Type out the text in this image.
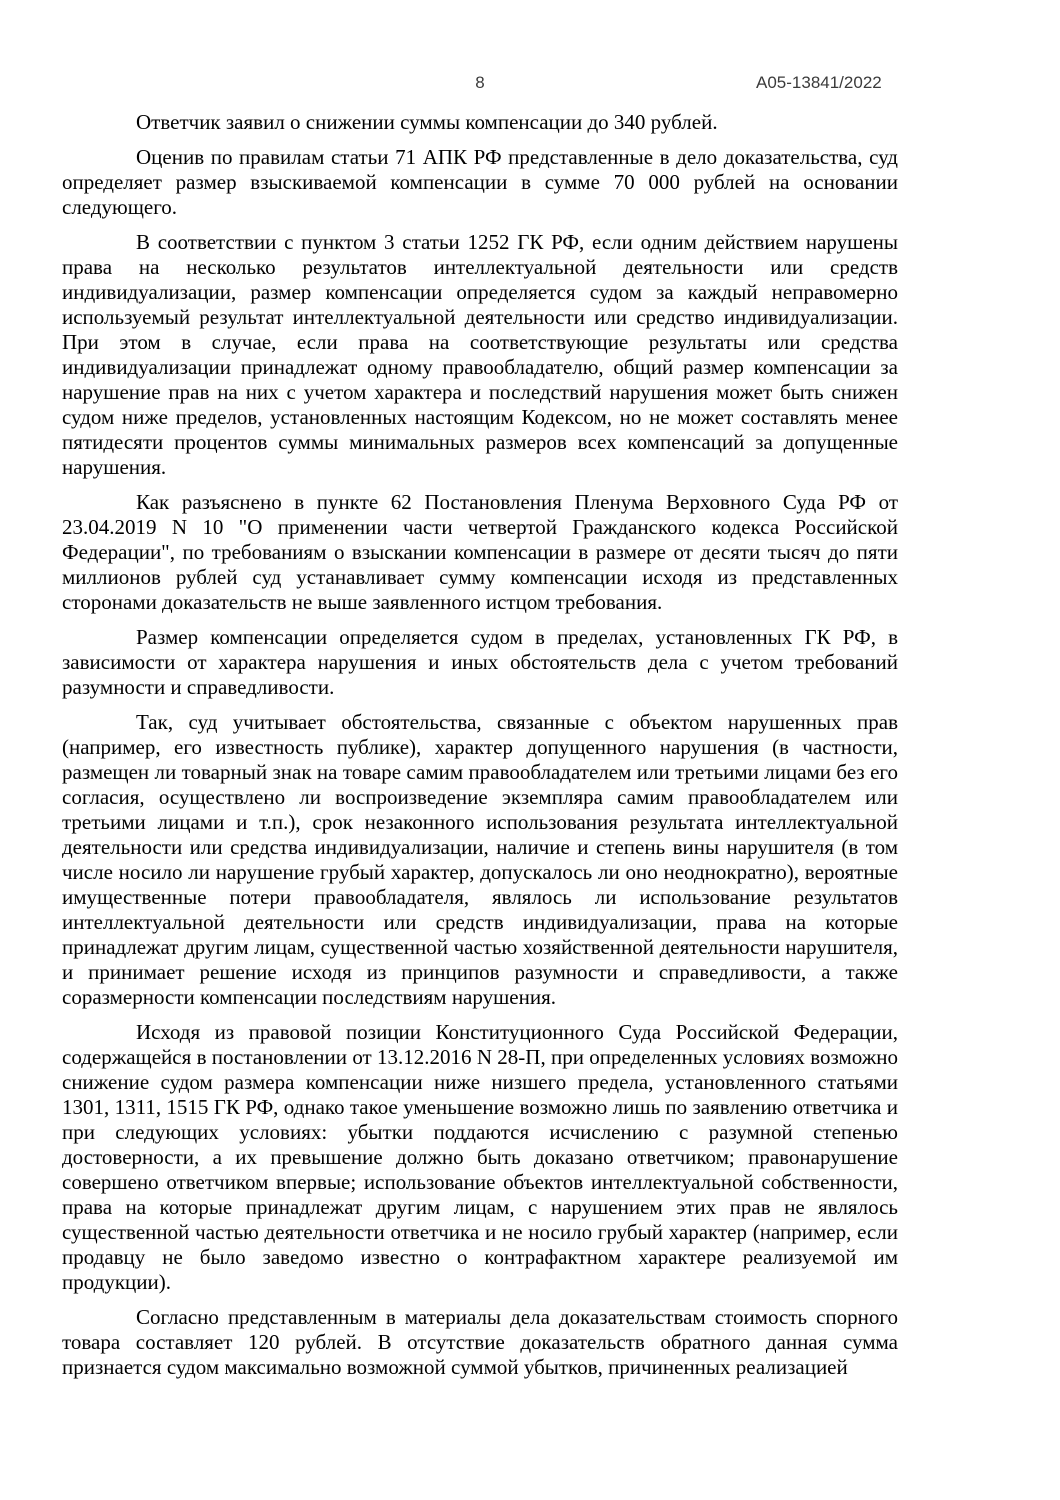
8	А05-13841/2022

Ответчик заявил о снижении суммы компенсации до 340 рублей.

Оценив по правилам статьи 71 АПК РФ представленные в дело доказательства, суд определяет размер взыскиваемой компенсации в сумме 70 000 рублей на основании следующего.

В соответствии с пунктом 3 статьи 1252 ГК РФ, если одним действием нарушены права на несколько результатов интеллектуальной деятельности или средств индивидуализации, размер компенсации определяется судом за каждый неправомерно используемый результат интеллектуальной деятельности или средство индивидуализации. При этом в случае, если права на соответствующие результаты или средства индивидуализации принадлежат одному правообладателю, общий размер компенсации за нарушение прав на них с учетом характера и последствий нарушения может быть снижен судом ниже пределов, установленных настоящим Кодексом, но не может составлять менее пятидесяти процентов суммы минимальных размеров всех компенсаций за допущенные нарушения.

Как разъяснено в пункте 62 Постановления Пленума Верховного Суда РФ от 23.04.2019 N 10 "О применении части четвертой Гражданского кодекса Российской Федерации", по требованиям о взыскании компенсации в размере от десяти тысяч до пяти миллионов рублей суд устанавливает сумму компенсации исходя из представленных сторонами доказательств не выше заявленного истцом требования.

Размер компенсации определяется судом в пределах, установленных ГК РФ, в зависимости от характера нарушения и иных обстоятельств дела с учетом требований разумности и справедливости.

Так, суд учитывает обстоятельства, связанные с объектом нарушенных прав (например, его известность публике), характер допущенного нарушения (в частности, размещен ли товарный знак на товаре самим правообладателем или третьими лицами без его согласия, осуществлено ли воспроизведение экземпляра самим правообладателем или третьими лицами и т.п.), срок незаконного использования результата интеллектуальной деятельности или средства индивидуализации, наличие и степень вины нарушителя (в том числе носило ли нарушение грубый характер, допускалось ли оно неоднократно), вероятные имущественные потери правообладателя, являлось ли использование результатов интеллектуальной деятельности или средств индивидуализации, права на которые принадлежат другим лицам, существенной частью хозяйственной деятельности нарушителя, и принимает решение исходя из принципов разумности и справедливости, а также соразмерности компенсации последствиям нарушения.

Исходя из правовой позиции Конституционного Суда Российской Федерации, содержащейся в постановлении от 13.12.2016 N 28-П, при определенных условиях возможно снижение судом размера компенсации ниже низшего предела, установленного статьями 1301, 1311, 1515 ГК РФ, однако такое уменьшение возможно лишь по заявлению ответчика и при следующих условиях: убытки поддаются исчислению с разумной степенью достоверности, а их превышение должно быть доказано ответчиком; правонарушение совершено ответчиком впервые; использование объектов интеллектуальной собственности, права на которые принадлежат другим лицам, с нарушением этих прав не являлось существенной частью деятельности ответчика и не носило грубый характер (например, если продавцу не было заведомо известно о контрафактном характере реализуемой им продукции).

Согласно представленным в материалы дела доказательствам стоимость спорного товара составляет 120 рублей. В отсутствие доказательств обратного данная сумма признается судом максимально возможной суммой убытков, причиненных реализацией
